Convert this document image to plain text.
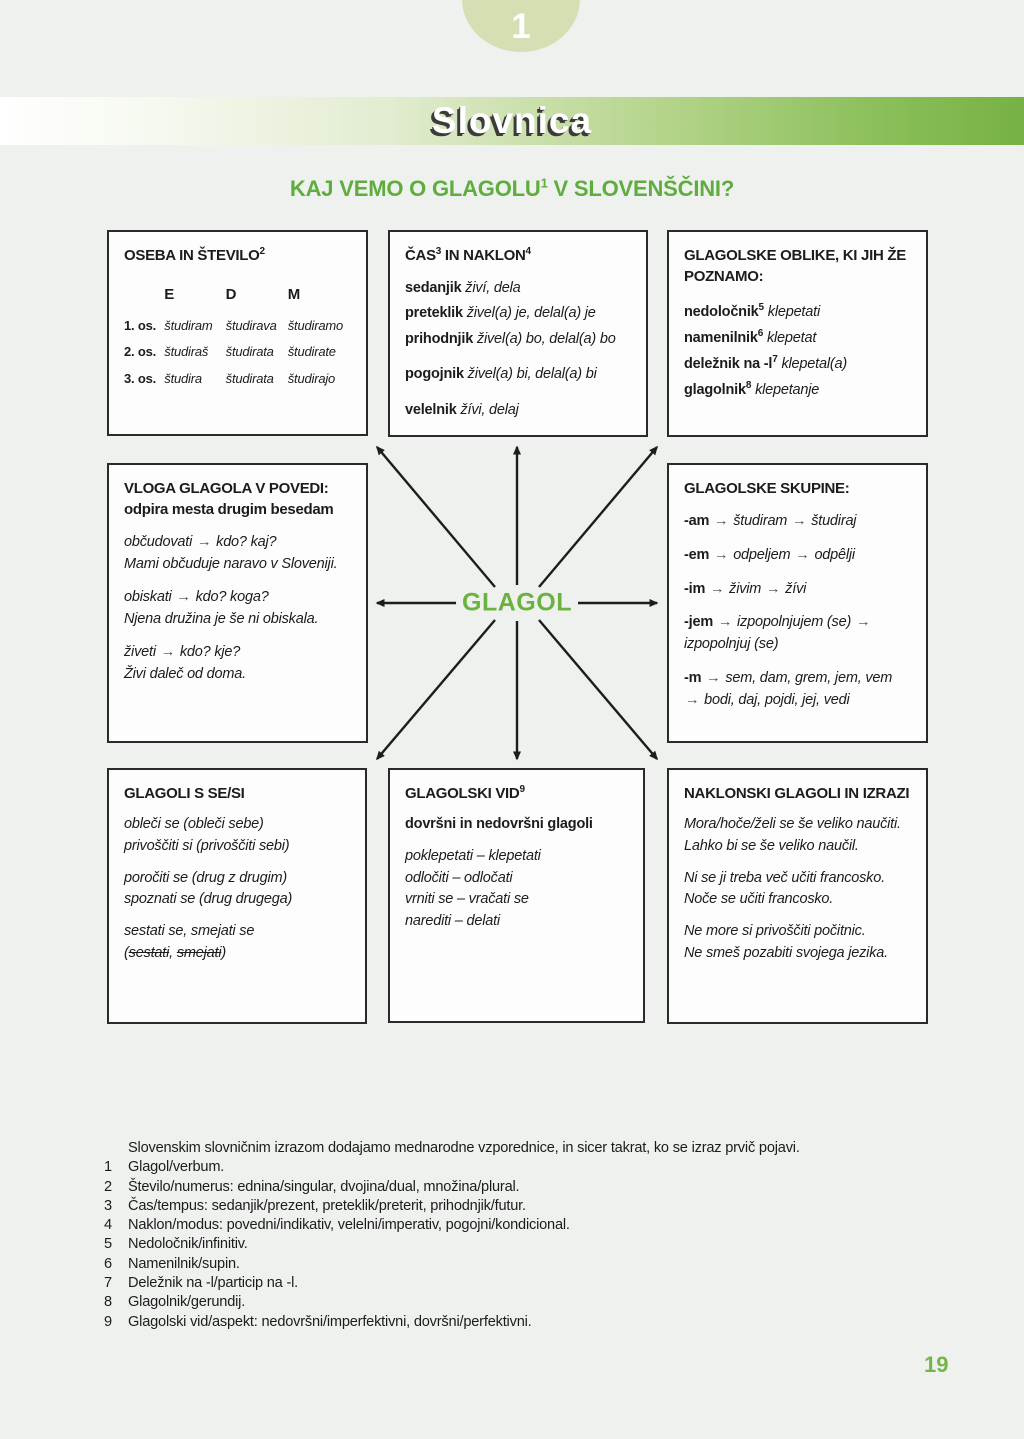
1
Slovnica
KAJ VEMO O GLAGOLU$^1$ V SLOVENŠČINI?
GLAGOL
OSEBA IN ŠTEVILO$^2$
	E	D	M
1. os.	študiram	študirava	študiramo
2. os.	študiraš	študirata	študirate
3. os.	študira	študirata	študirajo
ČAS$^3$ IN NAKLON$^4$
sedanjik živí, dela
preteklik živel(a) je, delal(a) je
prihodnjik živel(a) bo, delal(a) bo
pogojnik živel(a) bi, delal(a) bi
velelnik žívi, delaj
GLAGOLSKE OBLIKE, KI JIH ŽE POZNAMO:
nedoločnik$^5$ klepetati
namenilnik$^6$ klepetat
deležnik na $-l^7$ klepetal(a)
glagolnik$^8$ klepetanje
VLOGA GLAGOLA V POVEDI:
odpira mesta drugim besedam
občudovati → kdo? kaj?
Mami občuduje naravo v Sloveniji.
obiskati → kdo? koga?
Njena družina je še ni obiskala.
živeti → kdo? kje?
Živi daleč od doma.
GLAGOLSKE SKUPINE:
-am → študiram → študiraj
-em → odpeljem → odpêlji
-im → živim → žívi
-jem → izpopolnjujem (se) →
izpopolnjuj (se)
-m → sem, dam, grem, jem, vem
→ bodi, daj, pojdi, jej, vedi
GLAGOLI S SE/SI
obleči se (obleči sebe)
privoščiti si (privoščiti sebi)
poročiti se (drug z drugim)
spoznati se (drug drugega)
sestati se, smejati se
(sestati, smejati)
GLAGOLSKI VID$^9$
dovršni in nedovršni glagoli
poklepetati – klepetati
odločiti – odločati
vrniti se – vračati se
narediti – delati
NAKLONSKI GLAGOLI IN IZRAZI
Mora/hoče/želi se še veliko naučiti.
Lahko bi se še veliko naučil.
Ni se ji treba več učiti francosko.
Noče se učiti francosko.
Ne more si privoščiti počitnic.
Ne smeš pozabiti svojega jezika.
Slovenskim slovničnim izrazom dodajamo mednarodne vzporednice, in sicer takrat, ko se izraz prvič pojavi.
1	Glagol/verbum.
2	Število/numerus: ednina/singular, dvojina/dual, množina/plural.
3	Čas/tempus: sedanjik/prezent, preteklik/preterit, prihodnjik/futur.
4	Naklon/modus: povedni/indikativ, velelni/imperativ, pogojni/kondicional.
5	Nedoločnik/infinitiv.
6	Namenilnik/supin.
7	Deležnik na -l/particip na -l.
8	Glagolnik/gerundij.
9	Glagolski vid/aspekt: nedovršni/imperfektivni, dovršni/perfektivni.
19
